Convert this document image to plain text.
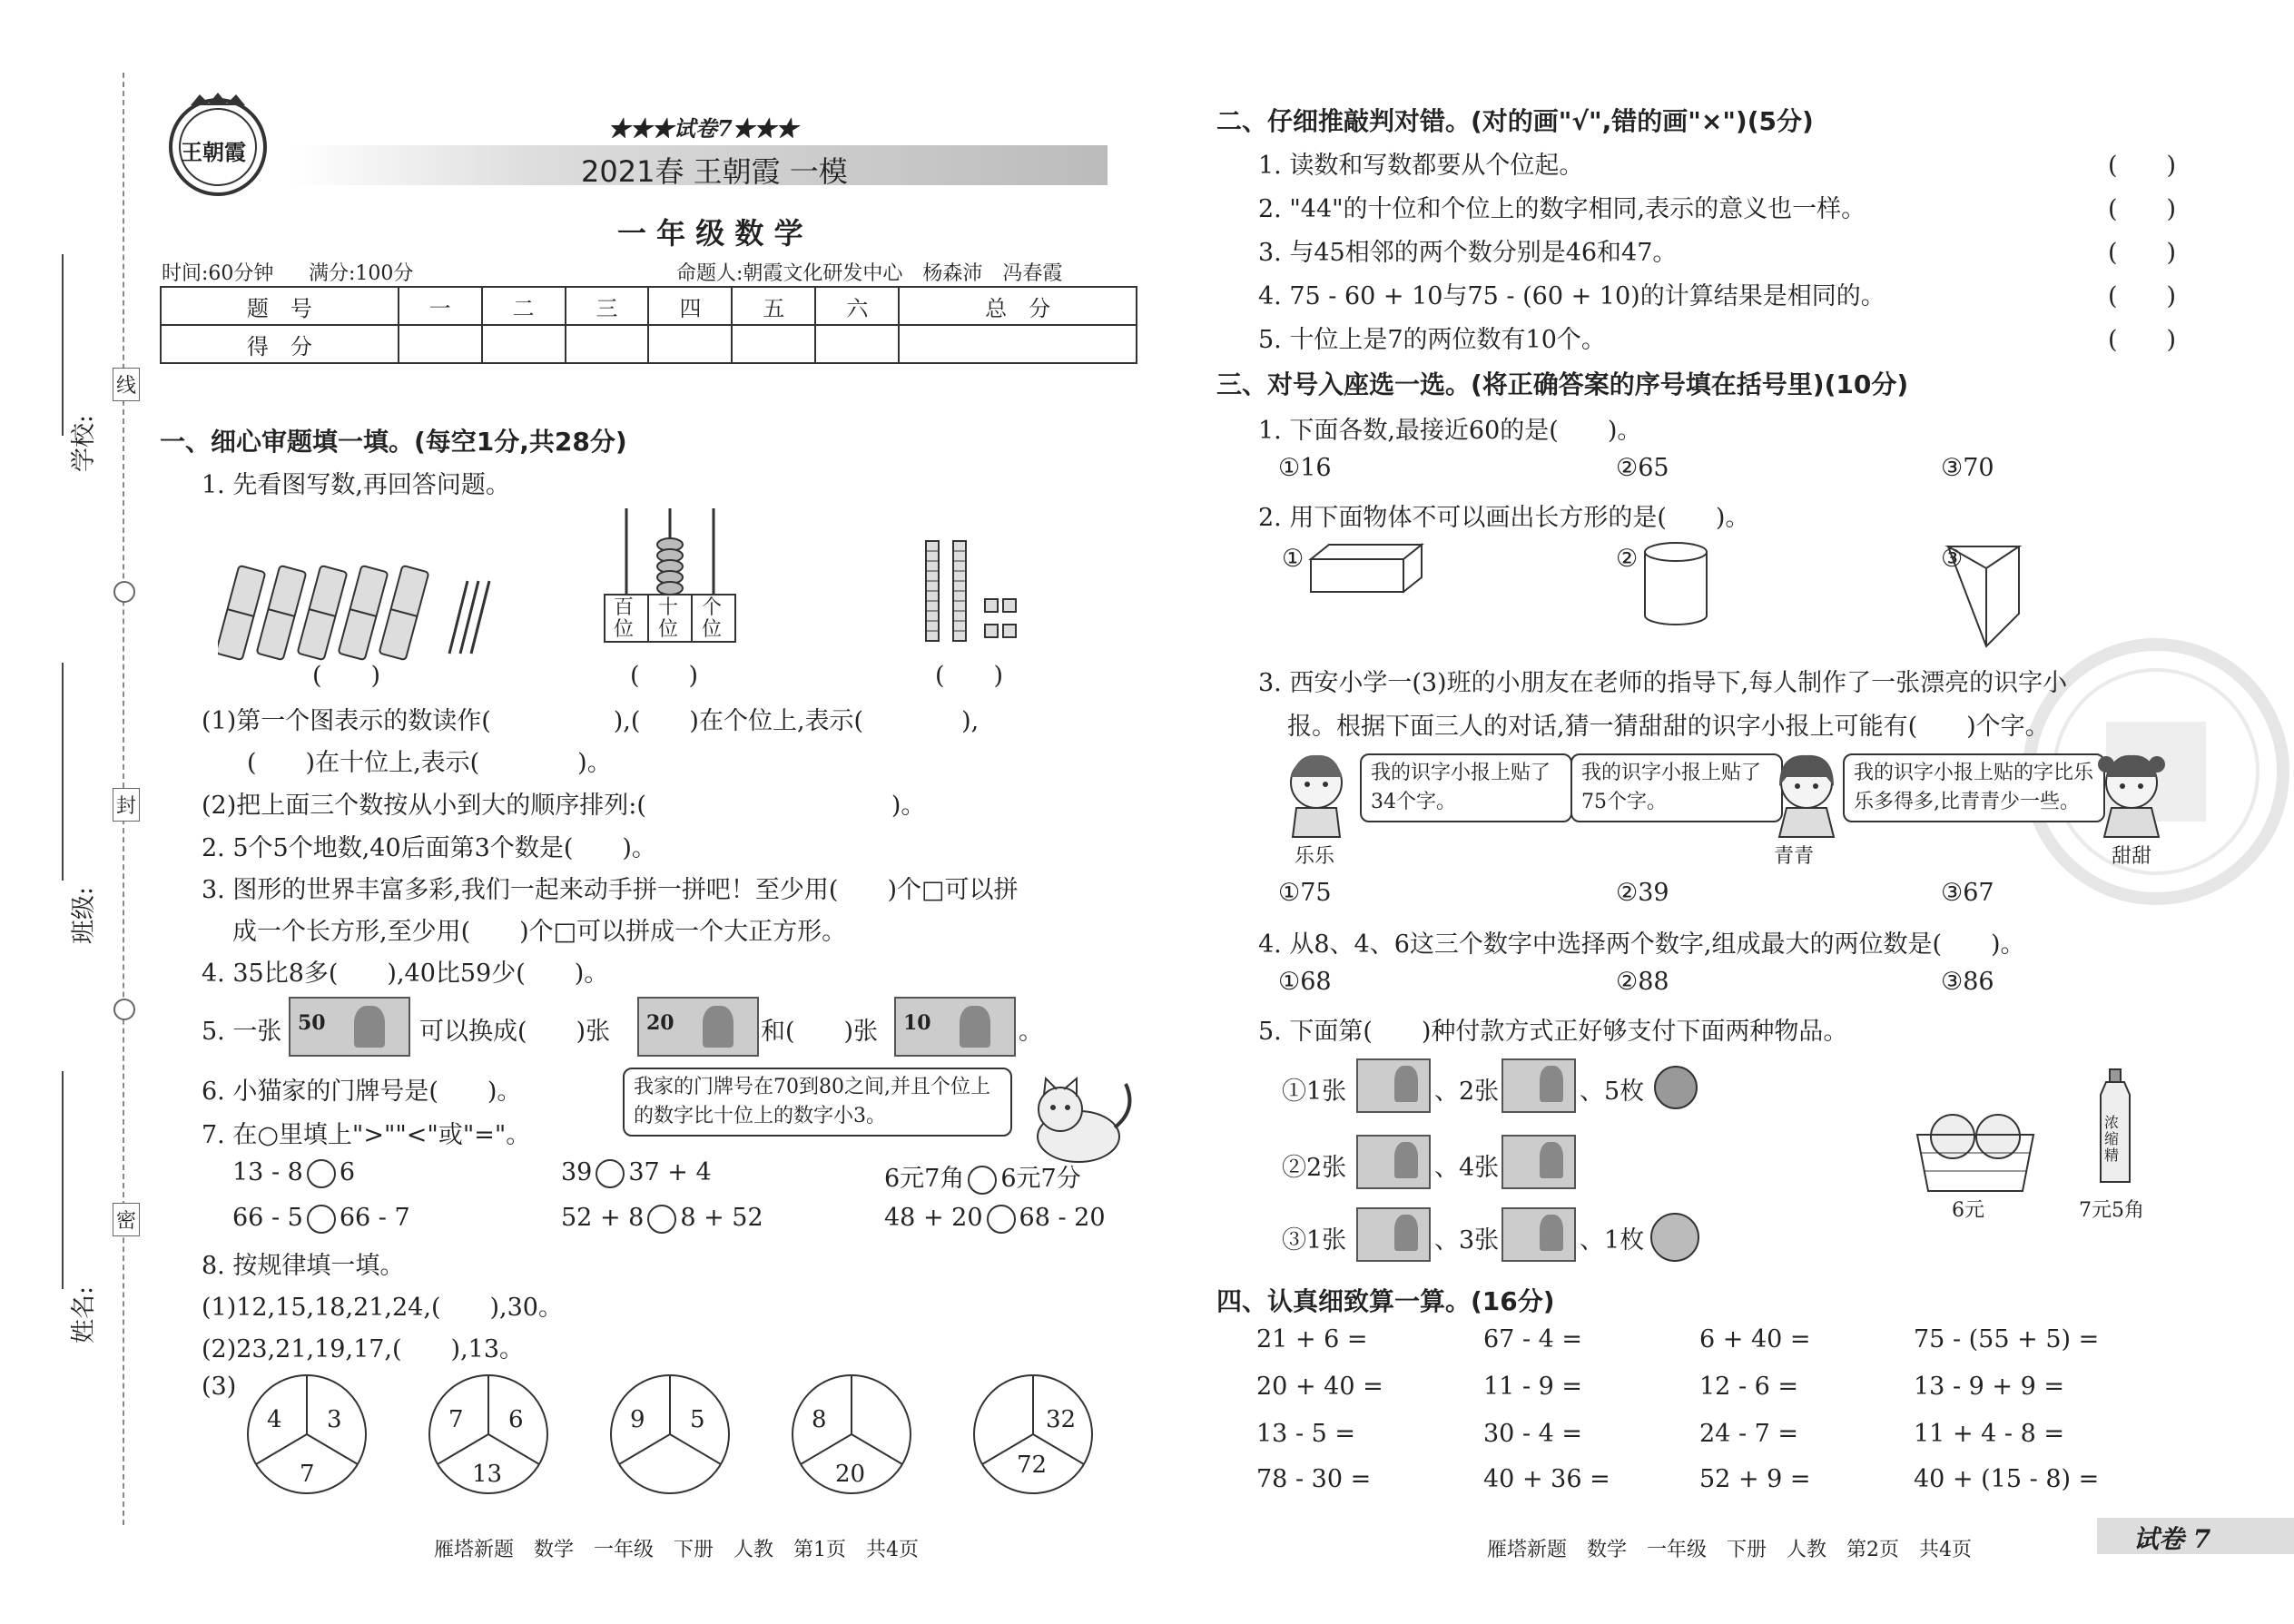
学校:
班级:
姓名:
线
封
密
王朝霞
★★★试卷7★★★
2021春 王朝霞 一模
一 年 级 数 学
时间:60分钟 满分:100分	命题人:朝霞文化研发中心　杨森沛　冯春霞
题　号	一	二	三	四	五	六	总　分
得　分							
一、细心审题填一填。(每空1分,共28分)
1. 先看图写数,再回答问题。
百位
十位
个位
(　　)	(　　)	(　　)
(1)第一个图表示的数读作(　　　　　),(　　)在个位上,表示(　　　　),
(　　)在十位上,表示(　　　　)。
(2)把上面三个数按从小到大的顺序排列:(　　　　　　　　　　)。
2. 5个5个地数,40后面第3个数是(　　)。
3. 图形的世界丰富多彩,我们一起来动手拼一拼吧！至少用(　　)个□可以拼
成一个长方形,至少用(　　)个□可以拼成一个大正方形。
4. 35比8多(　　),40比59少(　　)。
5. 一张 50	可以换成(　　)张 20	和(　　)张 10	。
6. 小猫家的门牌号是(　　)。	我家的门牌号在70到80之间,并且个位上的数字比十位上的数字小3。
7. 在○里填上">""<"或"="。
13 - 8 6	39 37 + 4	6元7角 6元7分
66 - 5 66 - 7	52 + 8 8 + 52	48 + 20 68 - 20
8. 按规律填一填。
(1)12,15,18,21,24,(　　),30。
(2)23,21,19,17,(　　),13。
(3)
4 3
7
7 6
13
9 5	8
20
32
72
雁塔新题　数学　一年级　下册　人教　第1页　共4页
二、仔细推敲判对错。(对的画"√",错的画"×")(5分)
1. 读数和写数都要从个位起。
2. "44"的十位和个位上的数字相同,表示的意义也一样。
3. 与45相邻的两个数分别是46和47。
4. 75 - 60 + 10与75 - (60 + 10)的计算结果是相同的。
5. 十位上是7的两位数有10个。
(　　)
(　　)
(　　)
(　　)
(　　)
三、对号入座选一选。(将正确答案的序号填在括号里)(10分)
1. 下面各数,最接近60的是(　　)。
①16	②65	③70
2. 用下面物体不可以画出长方形的是(　　)。
①	②	③
3. 西安小学一(3)班的小朋友在老师的指导下,每人制作了一张漂亮的识字小
报。根据下面三人的对话,猜一猜甜甜的识字小报上可能有(　　)个字。
我的识字小报上贴了34个字。
我的识字小报上贴了75个字。
我的识字小报上贴的字比乐乐多得多,比青青少一些。
乐乐	青青	甜甜
①75	②39	③67
4. 从8、4、6这三个数字中选择两个数字,组成最大的两位数是(　　)。
①68	②88	③86
5. 下面第(　　)种付款方式正好够支付下面两种物品。
①1张	、2张	、5枚
②2张	、4张
③1张	、3张	、1枚
浓缩精
6元	7元5角
四、认真细致算一算。(16分)
21 + 6 =	67 - 4 =	6 + 40 =	75 - (55 + 5) =
20 + 40 =	11 - 9 =	12 - 6 =	13 - 9 + 9 =
13 - 5 =	30 - 4 =	24 - 7 =	11 + 4 - 8 =
78 - 30 =	40 + 36 =	52 + 9 =	40 + (15 - 8) =
雁塔新题　数学　一年级　下册　人教　第2页　共4页	试卷 7
